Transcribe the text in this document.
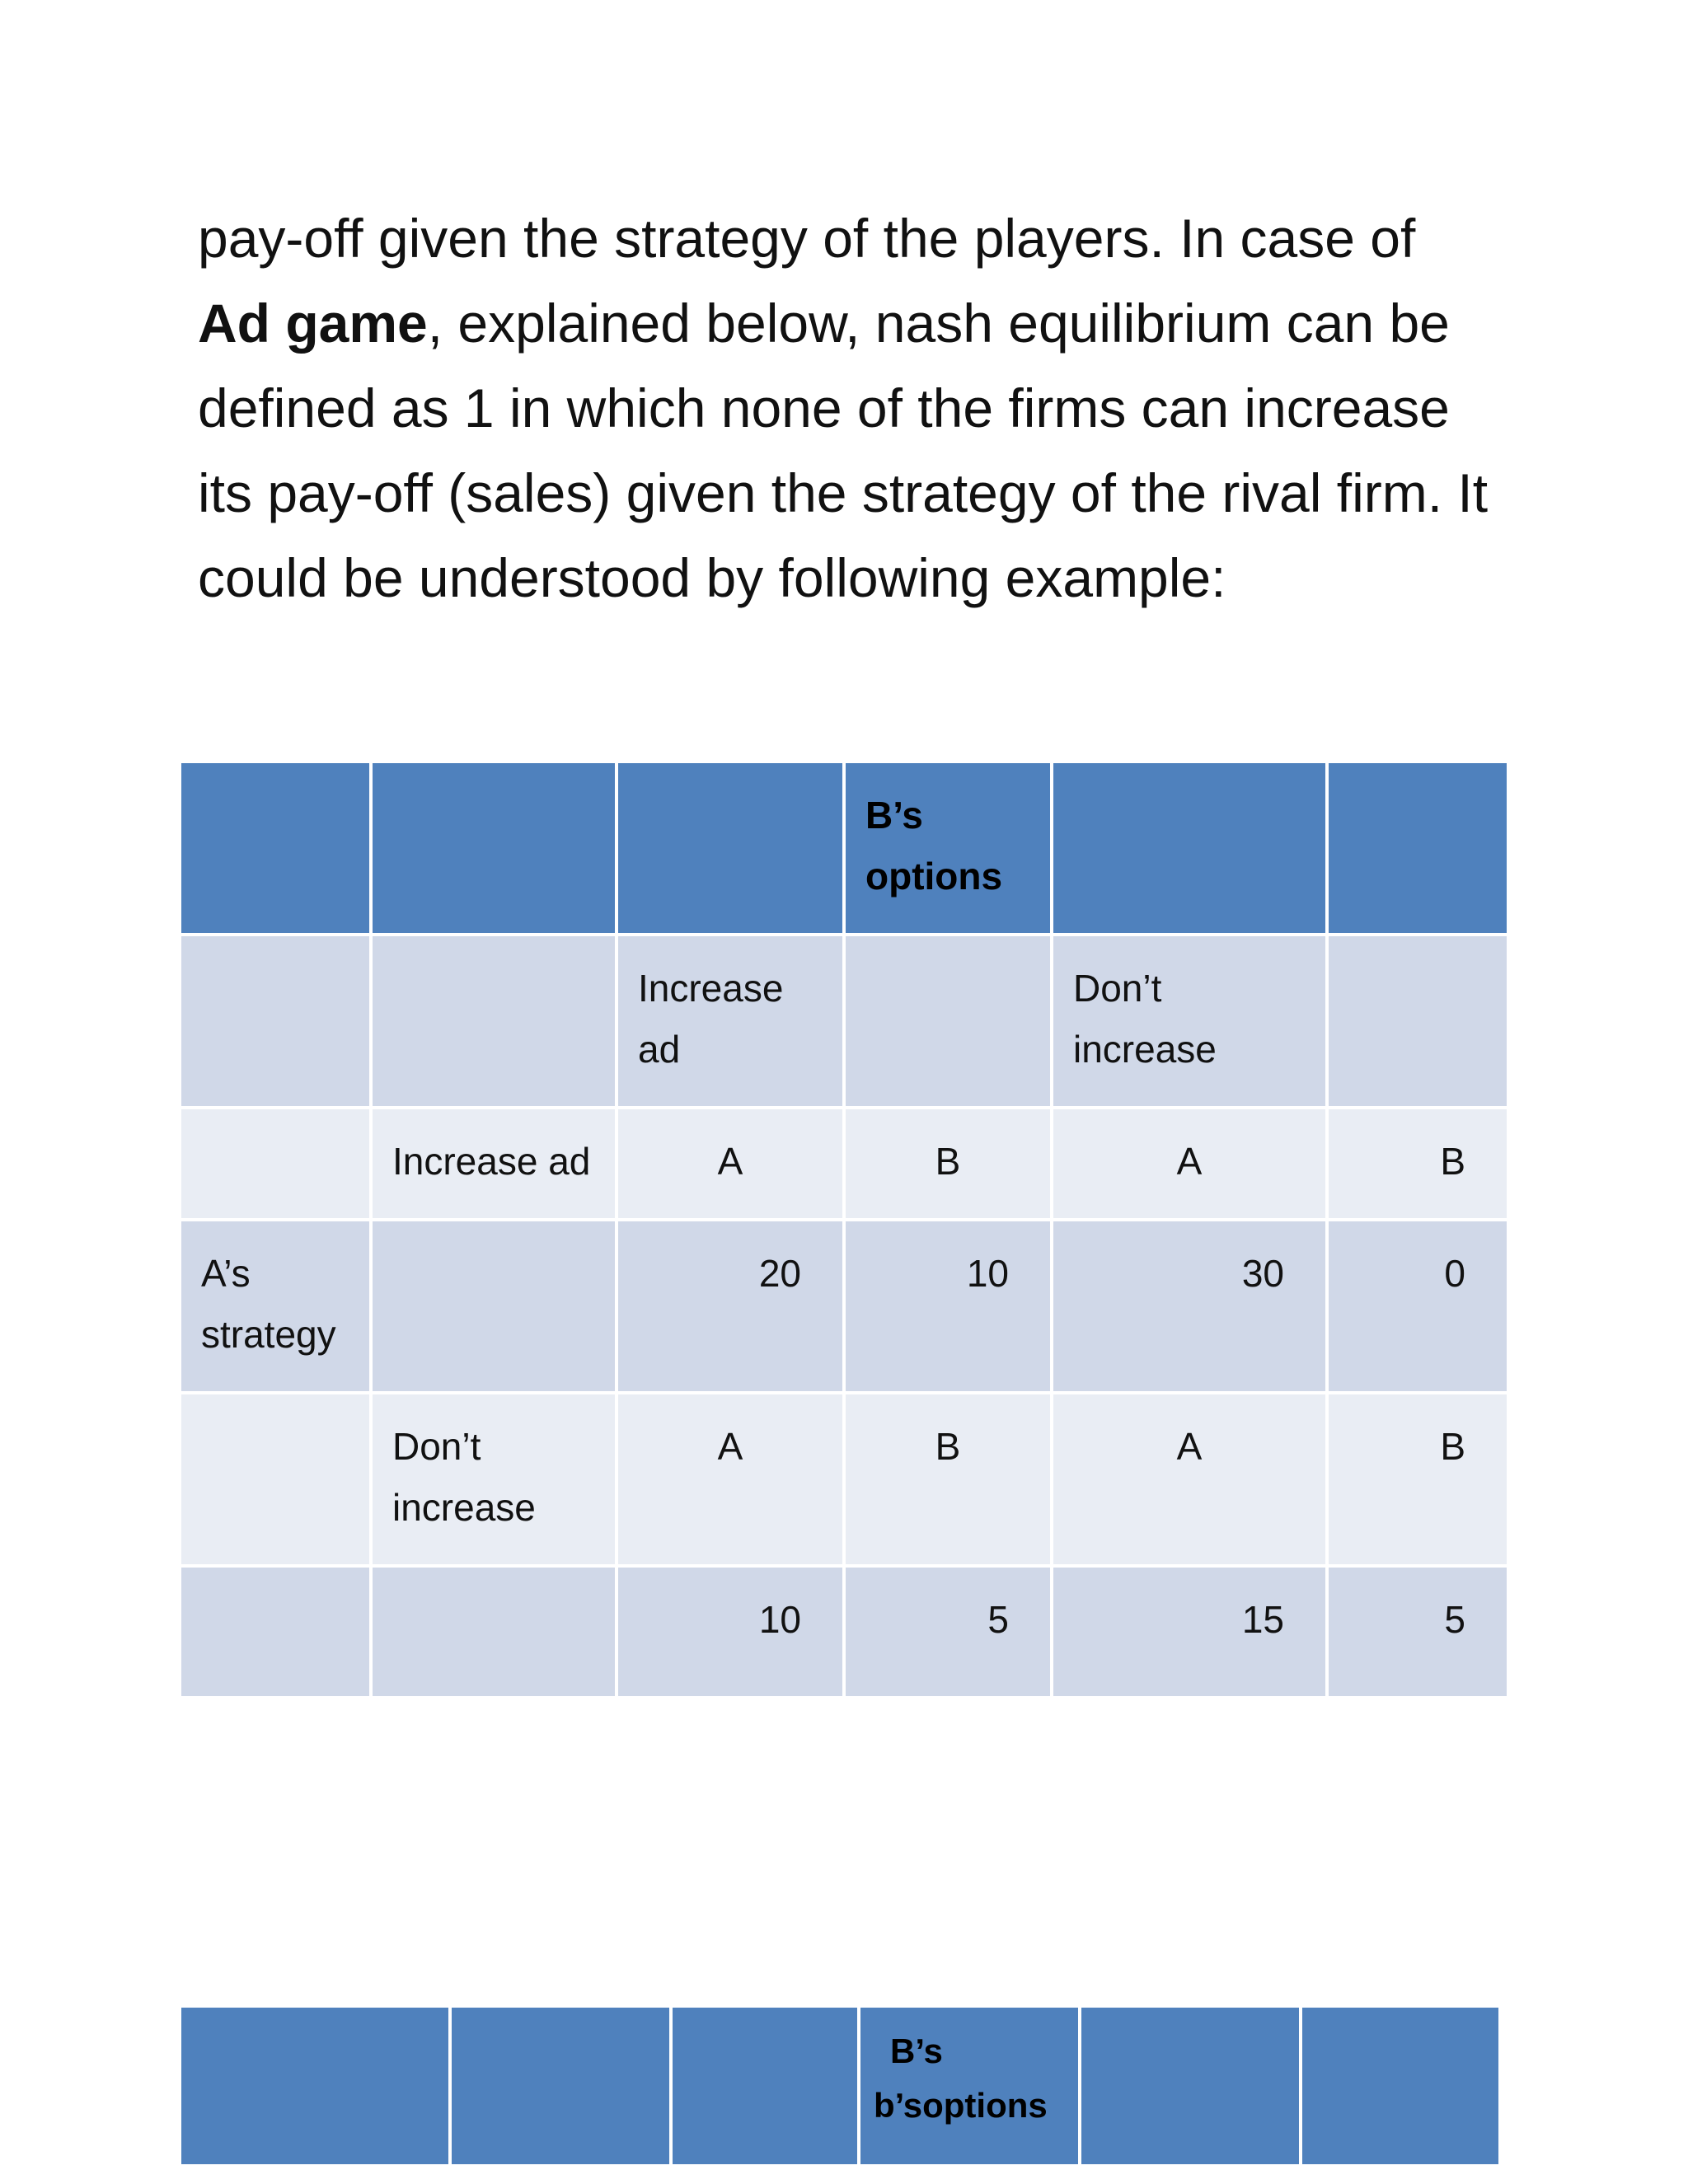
pay-off given the strategy of the players. In case of Ad game, explained below, nash equilibrium can be defined as 1 in which none of the firms can increase its pay-off (sales) given the strategy of the rival firm. It could be understood by following example:

			B’s options		
		Increase ad		Don’t increase	
	Increase ad	A	B	A	B
A’s strategy		20	10	30	0
	Don’t increase	A	B	A	B
		10	5	15	5

B’s
b’soptions
